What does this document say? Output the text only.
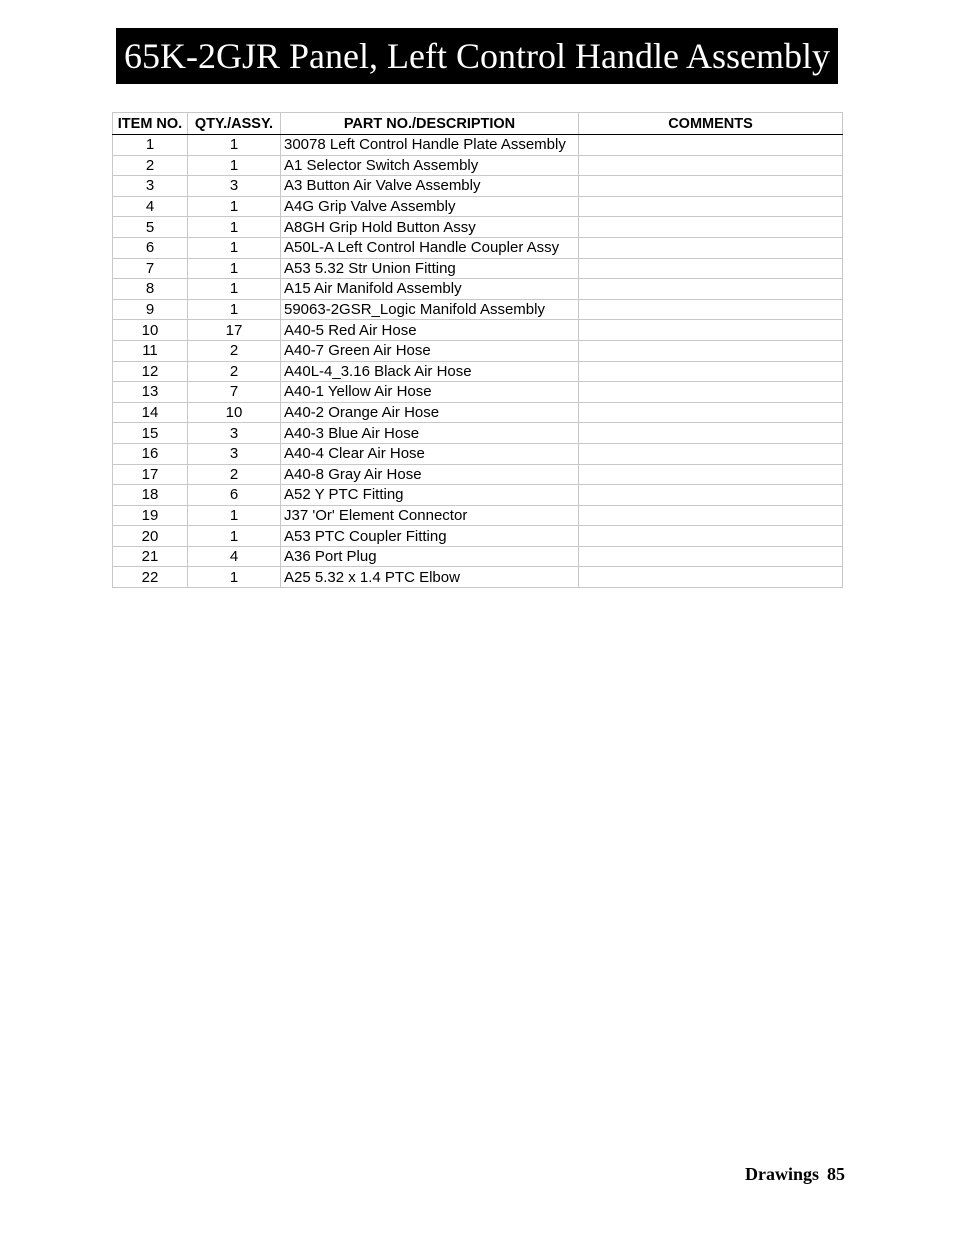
65K-2GJR Panel, Left Control Handle Assembly
ITEM NO.	QTY./ASSY.	PART NO./DESCRIPTION	COMMENTS
1	1	30078 Left Control Handle Plate Assembly	
2	1	A1 Selector Switch Assembly	
3	3	A3 Button Air Valve Assembly	
4	1	A4G Grip Valve Assembly	
5	1	A8GH Grip Hold Button Assy	
6	1	A50L-A Left Control Handle Coupler Assy	
7	1	A53 5.32 Str Union Fitting	
8	1	A15 Air Manifold Assembly	
9	1	59063-2GSR_Logic Manifold Assembly	
10	17	A40-5 Red Air Hose	
11	2	A40-7 Green Air Hose	
12	2	A40L-4_3.16 Black Air Hose	
13	7	A40-1 Yellow Air Hose	
14	10	A40-2 Orange Air Hose	
15	3	A40-3 Blue Air Hose	
16	3	A40-4 Clear Air Hose	
17	2	A40-8 Gray Air Hose	
18	6	A52 Y PTC Fitting	
19	1	J37 'Or' Element Connector	
20	1	A53 PTC Coupler Fitting	
21	4	A36 Port Plug	
22	1	A25 5.32 x 1.4 PTC Elbow	
Drawings 85
